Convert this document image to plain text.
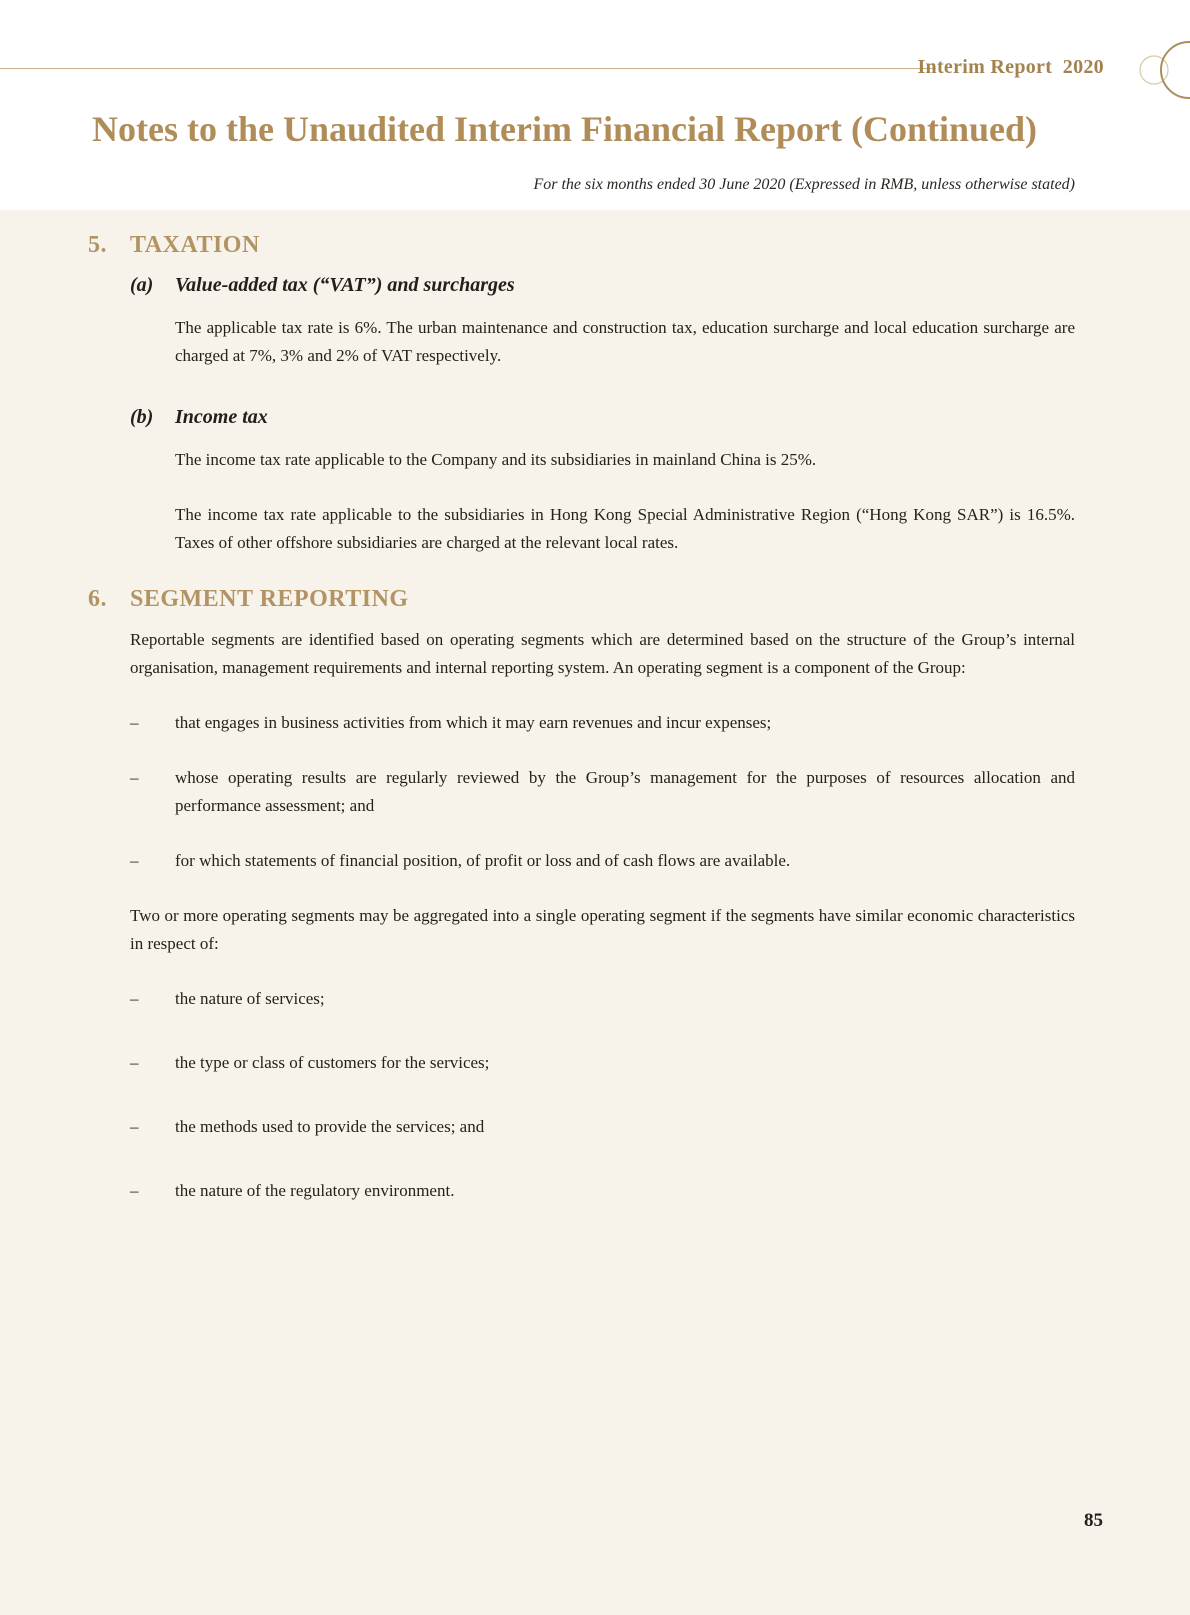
Interim Report  2020
Notes to the Unaudited Interim Financial Report (Continued)
For the six months ended 30 June 2020 (Expressed in RMB, unless otherwise stated)
5. TAXATION
(a)	Value-added tax (“VAT”) and surcharges

The applicable tax rate is 6%. The urban maintenance and construction tax, education surcharge and local education surcharge are charged at 7%, 3% and 2% of VAT respectively.

(b)	Income tax

The income tax rate applicable to the Company and its subsidiaries in mainland China is 25%.

The income tax rate applicable to the subsidiaries in Hong Kong Special Administrative Region (“Hong Kong SAR”) is 16.5%. Taxes of other offshore subsidiaries are charged at the relevant local rates.

6. SEGMENT REPORTING

Reportable segments are identified based on operating segments which are determined based on the structure of the Group’s internal organisation, management requirements and internal reporting system. An operating segment is a component of the Group:

–	that engages in business activities from which it may earn revenues and incur expenses;
–	whose operating results are regularly reviewed by the Group’s management for the purposes of resources allocation and performance assessment; and
–	for which statements of financial position, of profit or loss and of cash flows are available.

Two or more operating segments may be aggregated into a single operating segment if the segments have similar economic characteristics in respect of:

–	the nature of services;
–	the type or class of customers for the services;
–	the methods used to provide the services; and
–	the nature of the regulatory environment.
85
